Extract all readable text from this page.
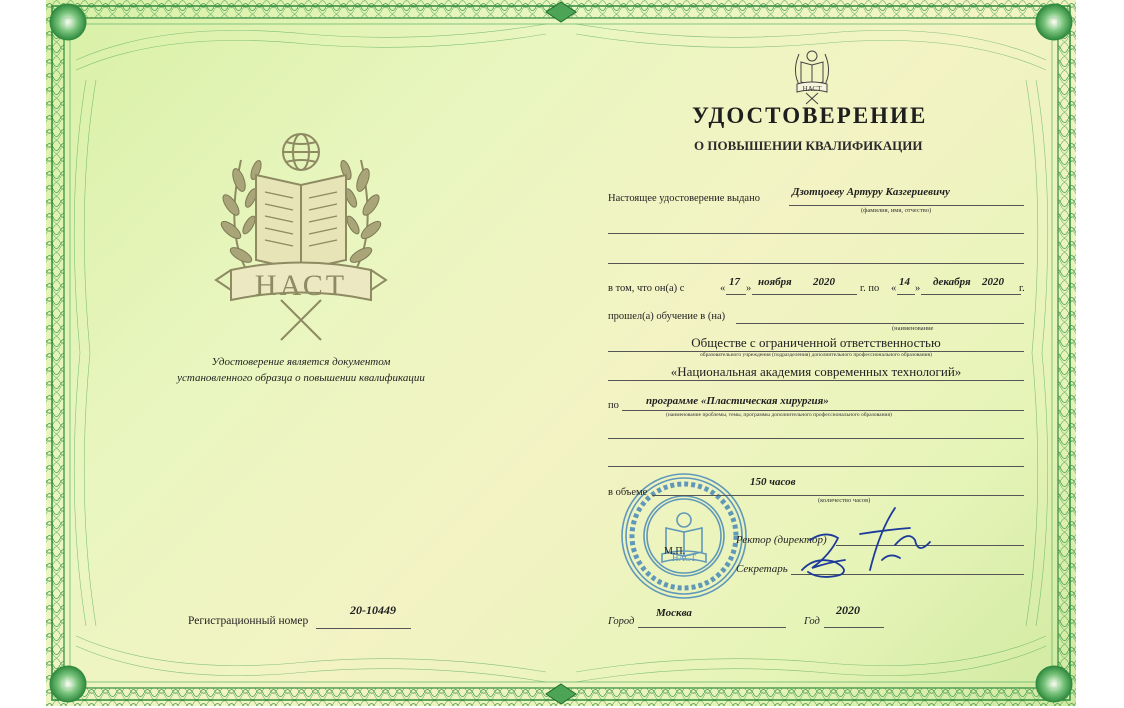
НАСТ
Удостоверение является документом
установленного образца о повышении квалификации
Регистрационный номер
20-10449
НАСТ
УДОСТОВЕРЕНИЕ
О ПОВЫШЕНИИ КВАЛИФИКАЦИИ
Настоящее удостоверение выдано
Дзотцоеву Артуру Казгериевичу
(фамилия, имя, отчество)
в том, что он(а) с	«
17
»
ноября 2020
г. по «
14
»
декабря 2020
г.
прошел(а) обучение в (на)
(наименование
Обществе с ограниченной ответственностью
образовательного учреждения (подразделения) дополнительного профессионального образования)
«Национальная академия современных технологий»
по программе «Пластическая хирургия»
(наименование проблемы, темы, программы дополнительного профессионального образования)
НАСТ
в объеме
150 часов
(количество часов)
Ректор (директор)
М.П.
Секретарь
Город
Москва
Год
2020
